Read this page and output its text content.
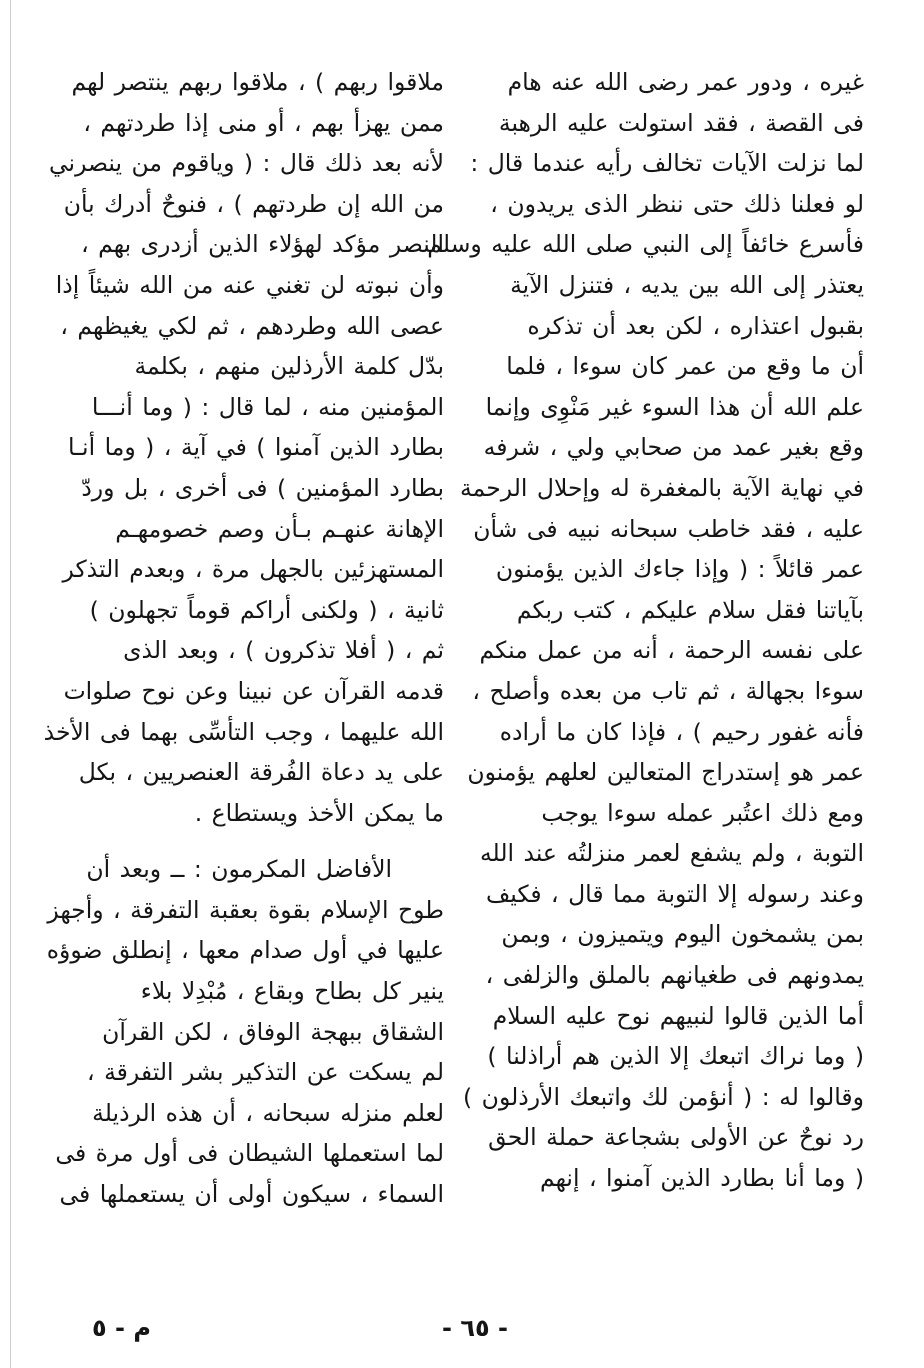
غيره ، ودور عمر رضى الله عنه هام
فى القصة ، فقد استولت عليه الرهبة
لما نزلت الآيات تخالف رأيه عندما قال :
لو فعلنا ذلك حتى ننظر الذى يريدون ،
فأسرع خائفاً إلى النبي صلى الله عليه وسلم
يعتذر إلى الله بين يديه ، فتنزل الآية
بقبول اعتذاره ، لكن بعد أن تذكره
أن ما وقع من عمر كان سوءا ، فلما
علم الله أن هذا السوء غير مَنْوِى وإنما
وقع بغير عمد من صحابي ولي ، شرفه
في نهاية الآية بالمغفرة له وإحلال الرحمة
عليه ، فقد خاطب سبحانه نبيه فى شأن
عمر قائلاً : ( وإذا جاءك الذين يؤمنون
بآياتنا فقل سلام عليكم ، كتب ربكم
على نفسه الرحمة ، أنه من عمل منكم
سوءا بجهالة ، ثم تاب من بعده وأصلح ،
فأنه غفور رحيم ) ، فإذا كان ما أراده
عمر هو إستدراج المتعالين لعلهم يؤمنون
ومع ذلك اعتُبر عمله سوءا يوجب
التوبة ، ولم يشفع لعمر منزلتُه عند الله
وعند رسوله إلا التوبة مما قال ، فكيف
بمن يشمخون اليوم ويتميزون ، وبمن
يمدونهم فى طغيانهم بالملق والزلفى ،
أما الذين قالوا لنبيهم نوح عليه السلام
( وما نراك اتبعك إلا الذين هم أراذلنا )
وقالوا له : ( أنؤمن لك واتبعك الأرذلون )
رد نوحٌ عن الأولى بشجاعة حملة الحق
( وما أنا بطارد الذين آمنوا ، إنهم
ملاقوا ربهم ) ، ملاقوا ربهم ينتصر لهم
ممن يهزأ بهم ، أو منى إذا طردتهم ،
لأنه بعد ذلك قال : ( وياقوم من ينصرني
من الله إن طردتهم ) ، فنوحٌ أدرك بأن
النصر مؤكد لهؤلاء الذين أزدرى بهم ،
وأن نبوته لن تغني عنه من الله شيئاً إذا
عصى الله وطردهم ، ثم لكي يغيظهم ،
بدّل كلمة الأرذلين منهم ، بكلمة
المؤمنين منه ، لما قال : ( وما أنـــا
بطارد الذين آمنوا ) في آية ، ( وما أنـا
بطارد المؤمنين ) فى أخرى ، بل وردّ
الإهانة عنهـم بـأن وصم خصومهـم
المستهزئين بالجهل مرة ، وبعدم التذكر
ثانية ، ( ولكنى أراكم قوماً تجهلون )
ثم ، ( أفلا تذكرون ) ، وبعد الذى
قدمه القرآن عن نبينا وعن نوح صلوات
الله عليهما ، وجب التأسِّى بهما فى الأخذ
على يد دعاة الفُرقة العنصريين ، بكل
ما يمكن الأخذ ويستطاع .
الأفاضل المكرمون : ــ وبعد أن
طوح الإسلام بقوة بعقبة التفرقة ، وأجهز
عليها في أول صدام معها ، إنطلق ضوؤه
ينير كل بطاح وبقاع ، مُبْدِلا بلاء
الشقاق ببهجة الوفاق ، لكن القرآن
لم يسكت عن التذكير بشر التفرقة ،
لعلم منزله سبحانه ، أن هذه الرذيلة
لما استعملها الشيطان فى أول مرة فى
السماء ، سيكون أولى أن يستعملها فى
- ٦٥ -
م - ٥
